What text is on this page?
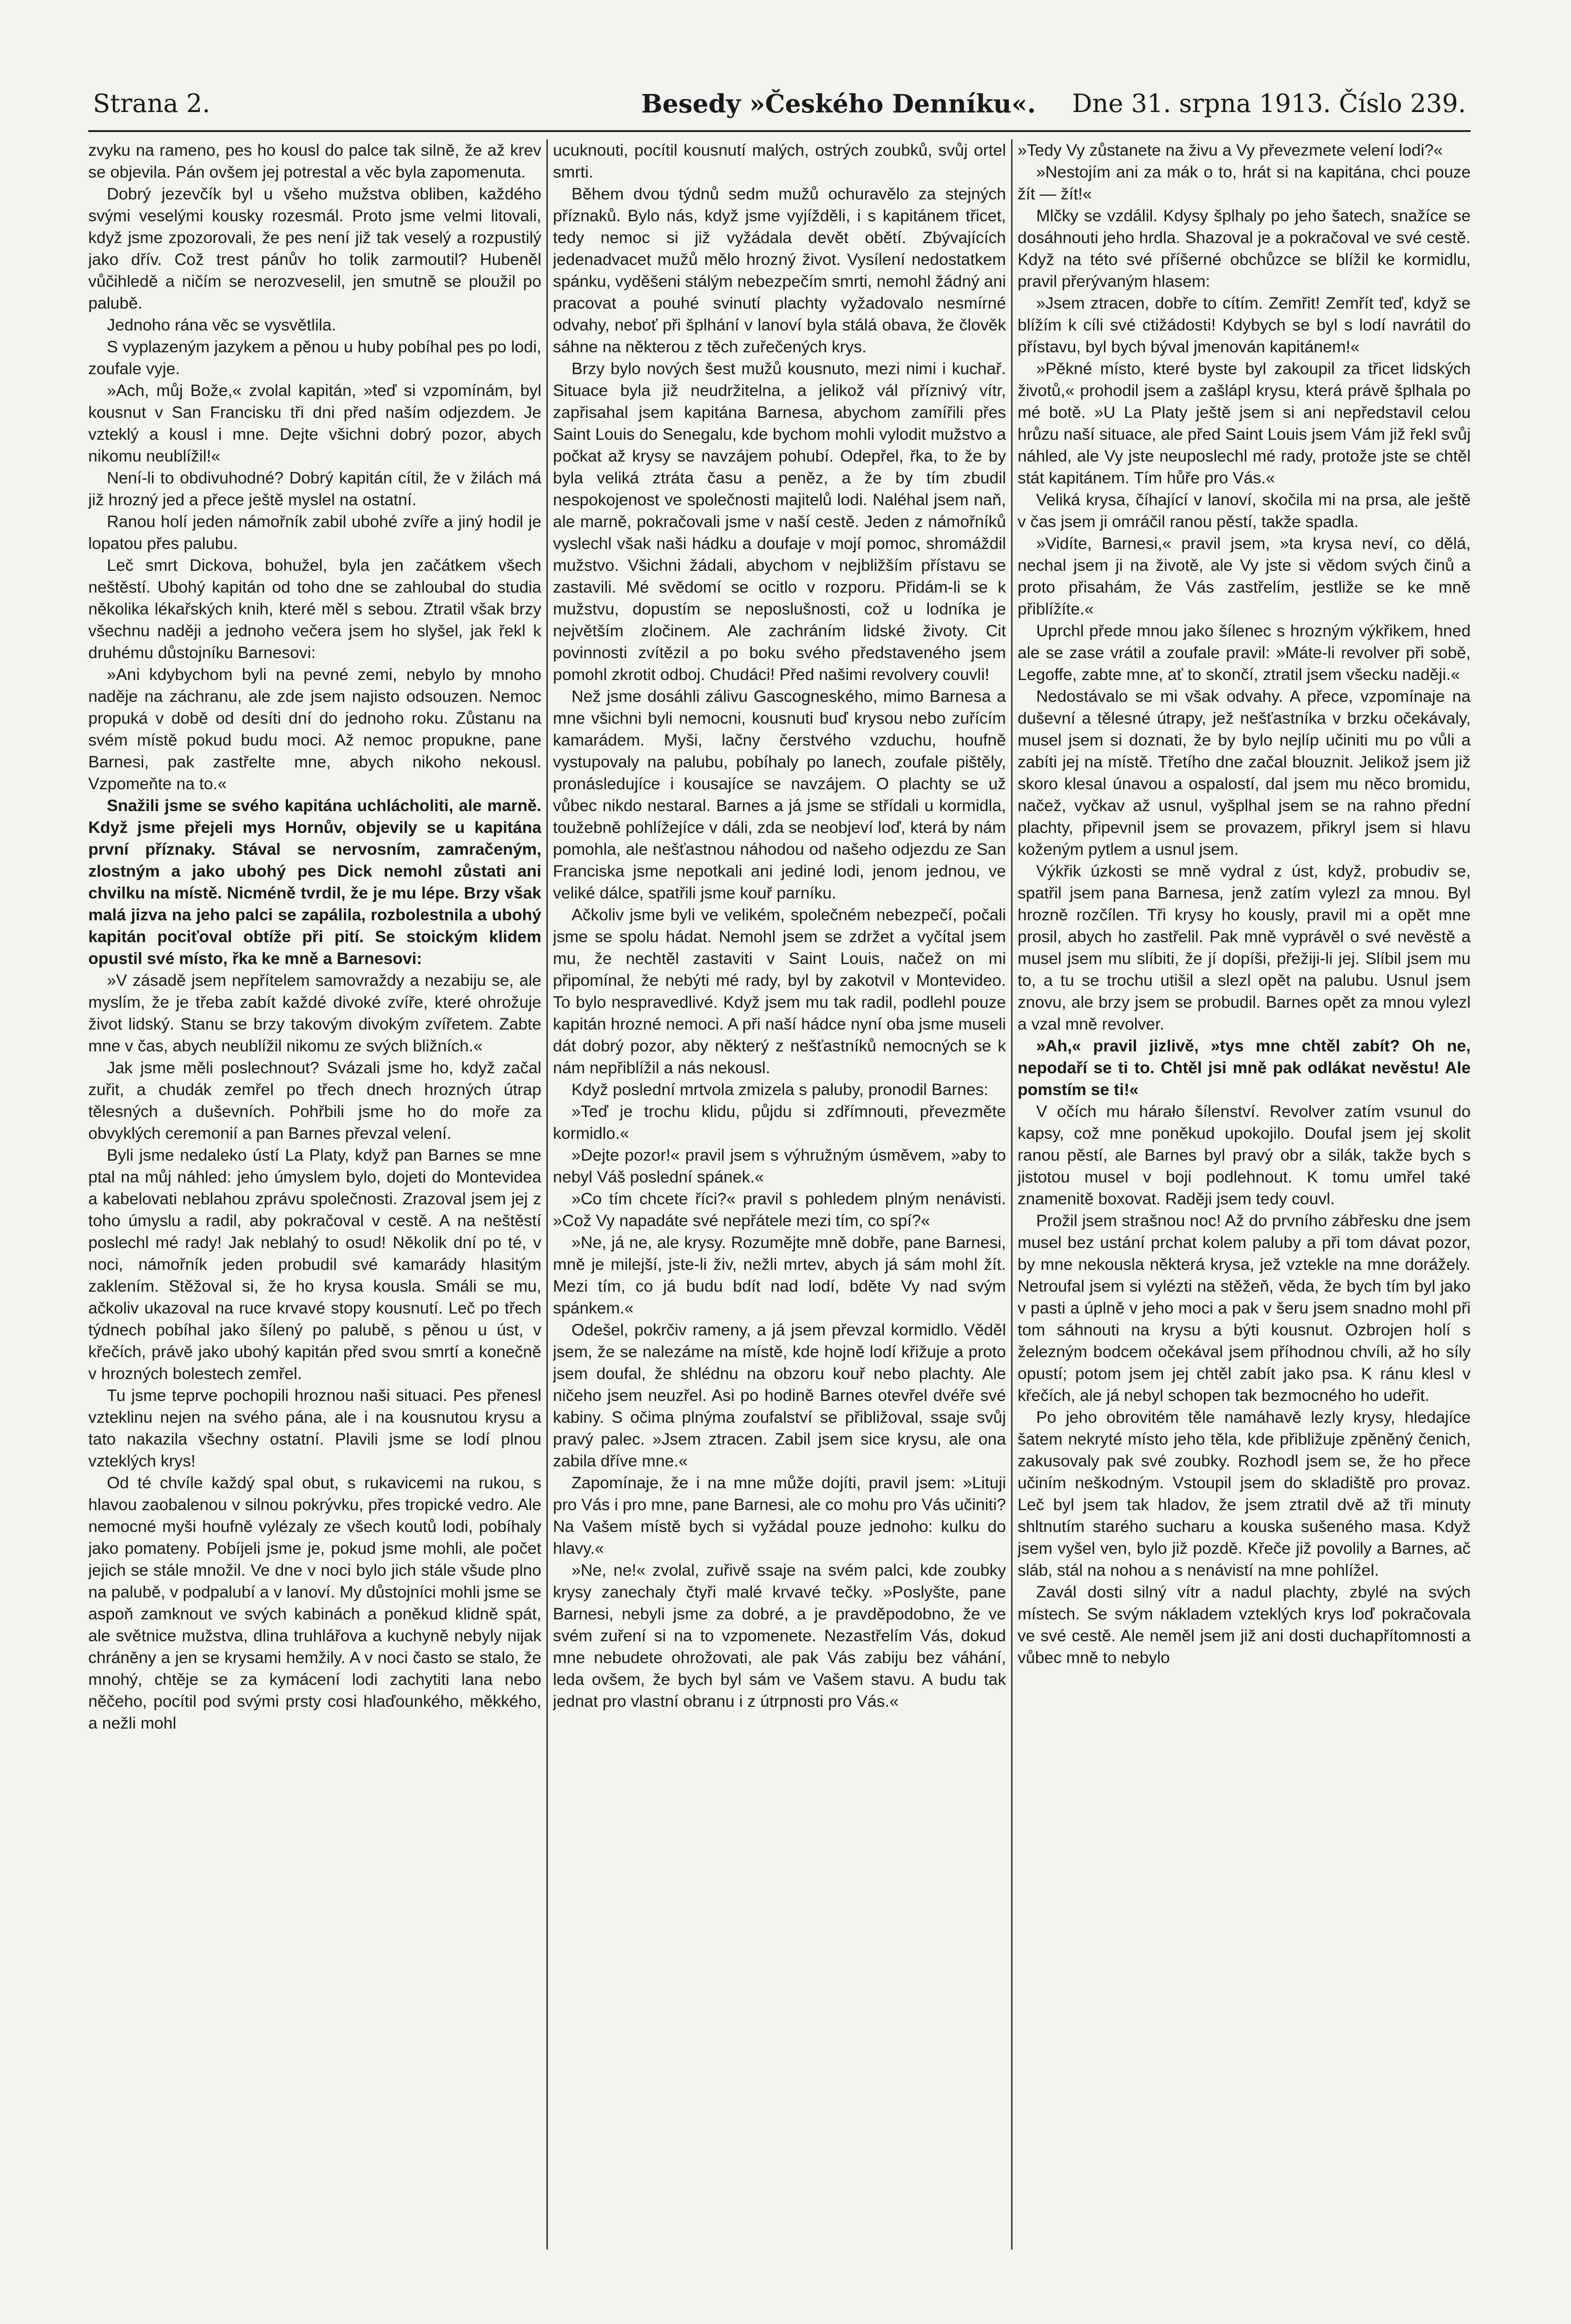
Strana 2.	Besedy »Českého Denníku«. Dne 31. srpna 1913. Číslo 239.

zvyku na rameno, pes ho kousl do palce tak silně, že až krev se objevila. Pán ovšem jej potrestal a věc byla zapomenuta.

Dobrý jezevčík byl u všeho mužstva obliben, každého svými veselými kousky rozesmál. Proto jsme velmi litovali, když jsme zpozorovali, že pes není již tak veselý a rozpustilý jako dřív. Což trest pánův ho tolik zarmoutil? Hubeněl vůčihledě a ničím se nerozveselil, jen smutně se ploužil po palubě.

Jednoho rána věc se vysvětlila.

S vyplazeným jazykem a pěnou u huby pobíhal pes po lodi, zoufale vyje.

»Ach, můj Bože,« zvolal kapitán, »teď si vzpomínám, byl kousnut v San Francisku tři dni před naším odjezdem. Je vzteklý a kousl i mne. Dejte všichni dobrý pozor, abych nikomu neublížil!«

Není-li to obdivuhodné? Dobrý kapitán cítil, že v žilách má již hrozný jed a přece ještě myslel na ostatní.

Ranou holí jeden námořník zabil ubohé zvíře a jiný hodil je lopatou přes palubu.

Leč smrt Dickova, bohužel, byla jen začátkem všech neštěstí. Ubohý kapitán od toho dne se zahloubal do studia několika lékařských knih, které měl s sebou. Ztratil však brzy všechnu naději a jednoho večera jsem ho slyšel, jak řekl k druhému důstojníku Barnesovi:

»Ani kdybychom byli na pevné zemi, nebylo by mnoho naděje na záchranu, ale zde jsem najisto odsouzen. Nemoc propuká v době od desíti dní do jednoho roku. Zůstanu na svém místě pokud budu moci. Až nemoc propukne, pane Barnesi, pak zastřelte mne, abych nikoho nekousl. Vzpomeňte na to.«

Snažili jsme se svého kapitána uchlácholiti, ale marně. Když jsme přejeli mys Hornův, objevily se u kapitána první příznaky. Stával se nervosním, zamračeným, zlostným a jako ubohý pes Dick nemohl zůstati ani chvilku na místě. Nicméně tvrdil, že je mu lépe. Brzy však malá jizva na jeho palci se zapálila, rozbolestnila a ubohý kapitán pociťoval obtíže při pití. Se stoickým klidem opustil své místo, řka ke mně a Barnesovi:

»V zásadě jsem nepřítelem samovraždy a nezabiju se, ale myslím, že je třeba zabít každé divoké zvíře, které ohrožuje život lidský. Stanu se brzy takovým divokým zvířetem. Zabte mne v čas, abych neublížil nikomu ze svých bližních.«

Jak jsme měli poslechnout? Svázali jsme ho, když začal zuřit, a chudák zemřel po třech dnech hrozných útrap tělesných a duševních. Pohřbili jsme ho do moře za obvyklých ceremonií a pan Barnes převzal velení.

Byli jsme nedaleko ústí La Platy, když pan Barnes se mne ptal na můj náhled: jeho úmyslem bylo, dojeti do Montevidea a kabelovati neblahou zprávu společnosti. Zrazoval jsem jej z toho úmyslu a radil, aby pokračoval v cestě. A na neštěstí poslechl mé rady! Jak neblahý to osud! Několik dní po té, v noci, námořník jeden probudil své kamarády hlasitým zaklením. Stěžoval si, že ho krysa kousla. Smáli se mu, ačkoliv ukazoval na ruce krvavé stopy kousnutí. Leč po třech týdnech pobíhal jako šílený po palubě, s pěnou u úst, v křečích, právě jako ubohý kapitán před svou smrtí a konečně v hrozných bolestech zemřel.

Tu jsme teprve pochopili hroznou naši situaci. Pes přenesl vzteklinu nejen na svého pána, ale i na kousnutou krysu a tato nakazila všechny ostatní. Plavili jsme se lodí plnou vzteklých krys!

Od té chvíle každý spal obut, s rukavicemi na rukou, s hlavou zaobalenou v silnou pokrývku, přes tropické vedro. Ale nemocné myši houfně vylézaly ze všech koutů lodi, pobíhaly jako pomateny. Pobíjeli jsme je, pokud jsme mohli, ale počet jejich se stále množil. Ve dne v noci bylo jich stále všude plno na palubě, v podpalubí a v lanoví. My důstojníci mohli jsme se aspoň zamknout ve svých kabinách a poněkud klidně spát, ale světnice mužstva, dlina truhlářova a kuchyně nebyly nijak chráněny a jen se krysami hemžily. A v noci často se stalo, že mnohý, chtěje se za kymácení lodi zachytiti lana nebo něčeho, pocítil pod svými prsty cosi hlaďounkého, měkkého, a nežli mohl

ucuknouti, pocítil kousnutí malých, ostrých zoubků, svůj ortel smrti.

Během dvou týdnů sedm mužů ochuravělo za stejných příznaků. Bylo nás, když jsme vyjížděli, i s kapitánem třicet, tedy nemoc si již vyžádala devět obětí. Zbývajících jedenadvacet mužů mělo hrozný život. Vysílení nedostatkem spánku, vyděšeni stálým nebezpečím smrti, nemohl žádný ani pracovat a pouhé svinutí plachty vyžadovalo nesmírné odvahy, neboť při šplhání v lanoví byla stálá obava, že člověk sáhne na některou z těch zuřečených krys.

Brzy bylo nových šest mužů kousnuto, mezi nimi i kuchař. Situace byla již neudržitelna, a jelikož vál příznivý vítr, zapřisahal jsem kapitána Barnesa, abychom zamířili přes Saint Louis do Senegalu, kde bychom mohli vylodit mužstvo a počkat až krysy se navzájem pohubí. Odepřel, řka, to že by byla veliká ztráta času a peněz, a že by tím zbudil nespokojenost ve společnosti majitelů lodi. Naléhal jsem naň, ale marně, pokračovali jsme v naší cestě. Jeden z námořníků vyslechl však naši hádku a doufaje v mojí pomoc, shromáždil mužstvo. Všichni žádali, abychom v nejbližším přístavu se zastavili. Mé svědomí se ocitlo v rozporu. Přidám-li se k mužstvu, dopustím se neposlušnosti, což u lodníka je největším zločinem. Ale zachráním lidské životy. Cit povinnosti zvítězil a po boku svého představeného jsem pomohl zkrotit odboj. Chudáci! Před našimi revolvery couvli!

Než jsme dosáhli zálivu Gascogneského, mimo Barnesa a mne všichni byli nemocni, kousnuti buď krysou nebo zuřícím kamarádem. Myši, lačny čerstvého vzduchu, houfně vystupovaly na palubu, pobíhaly po lanech, zoufale pištěly, pronásledujíce i kousajíce se navzájem. O plachty se už vůbec nikdo nestaral. Barnes a já jsme se střídali u kormidla, toužebně pohlížejíce v dáli, zda se neobjeví loď, která by nám pomohla, ale nešťastnou náhodou od našeho odjezdu ze San Franciska jsme nepotkali ani jediné lodi, jenom jednou, ve veliké dálce, spatřili jsme kouř parníku.

Ačkoliv jsme byli ve velikém, společném nebezpečí, počali jsme se spolu hádat. Nemohl jsem se zdržet a vyčítal jsem mu, že nechtěl zastaviti v Saint Louis, načež on mi připomínal, že nebýti mé rady, byl by zakotvil v Montevideo. To bylo nespravedlivé. Když jsem mu tak radil, podlehl pouze kapitán hrozné nemoci. A při naší hádce nyní oba jsme museli dát dobrý pozor, aby některý z nešťastníků nemocných se k nám nepřiblížil a nás nekousl.

Když poslední mrtvola zmizela s paluby, pronodil Barnes:

»Teď je trochu klidu, půjdu si zdřímnouti, převezměte kormidlo.«

»Dejte pozor!« pravil jsem s výhružným úsměvem, »aby to nebyl Váš poslední spánek.«

»Co tím chcete říci?« pravil s pohledem plným nenávisti. »Což Vy napadáte své nepřátele mezi tím, co spí?«

»Ne, já ne, ale krysy. Rozumějte mně dobře, pane Barnesi, mně je milejší, jste-li živ, nežli mrtev, abych já sám mohl žít. Mezi tím, co já budu bdít nad lodí, bděte Vy nad svým spánkem.«

Odešel, pokrčiv rameny, a já jsem převzal kormidlo. Věděl jsem, že se nalezáme na místě, kde hojně lodí křižuje a proto jsem doufal, že shlédnu na obzoru kouř nebo plachty. Ale ničeho jsem neuzřel. Asi po hodině Barnes otevřel dvéře své kabiny. S očima plnýma zoufalství se přibližoval, ssaje svůj pravý palec. »Jsem ztracen. Zabil jsem sice krysu, ale ona zabila dříve mne.«

Zapomínaje, že i na mne může dojíti, pravil jsem: »Lituji pro Vás i pro mne, pane Barnesi, ale co mohu pro Vás učiniti? Na Vašem místě bych si vyžádal pouze jednoho: kulku do hlavy.«

»Ne, ne!« zvolal, zuřivě ssaje na svém palci, kde zoubky krysy zanechaly čtyři malé krvavé tečky. »Poslyšte, pane Barnesi, nebyli jsme za dobré, a je pravděpodobno, že ve svém zuření si na to vzpomenete. Nezastřelím Vás, dokud mne nebudete ohrožovati, ale pak Vás zabiju bez váhání, leda ovšem, že bych byl sám ve Vašem stavu. A budu tak jednat pro vlastní obranu i z útrpnosti pro Vás.«

»Tedy Vy zůstanete na živu a Vy převezmete velení lodi?«

»Nestojím ani za mák o to, hrát si na kapitána, chci pouze žít — žít!«

Mlčky se vzdálil. Kdysy šplhaly po jeho šatech, snažíce se dosáhnouti jeho hrdla. Shazoval je a pokračoval ve své cestě. Když na této své příšerné obchůzce se blížil ke kormidlu, pravil přerývaným hlasem:

»Jsem ztracen, dobře to cítím. Zemřit! Zemřít teď, když se blížím k cíli své ctižádosti! Kdybych se byl s lodí navrátil do přístavu, byl bych býval jmenován kapitánem!«

»Pěkné místo, které byste byl zakoupil za třicet lidských životů,« prohodil jsem a zašlápl krysu, která právě šplhala po mé botě. »U La Platy ještě jsem si ani nepředstavil celou hrůzu naší situace, ale před Saint Louis jsem Vám již řekl svůj náhled, ale Vy jste neuposlechl mé rady, protože jste se chtěl stát kapitánem. Tím hůře pro Vás.«

Veliká krysa, číhající v lanoví, skočila mi na prsa, ale ještě v čas jsem ji omráčil ranou pěstí, takže spadla.

»Vidíte, Barnesi,« pravil jsem, »ta krysa neví, co dělá, nechal jsem ji na životě, ale Vy jste si vědom svých činů a proto přisahám, že Vás zastřelím, jestliže se ke mně přiblížíte.«

Uprchl přede mnou jako šílenec s hrozným výkřikem, hned ale se zase vrátil a zoufale pravil: »Máte-li revolver při sobě, Legoffe, zabte mne, ať to skončí, ztratil jsem všecku naději.«

Nedostávalo se mi však odvahy. A přece, vzpomínaje na duševní a tělesné útrapy, jež nešťastníka v brzku očekávaly, musel jsem si doznati, že by bylo nejlíp učiniti mu po vůli a zabíti jej na místě. Třetího dne začal blouznit. Jelikož jsem již skoro klesal únavou a ospalostí, dal jsem mu něco bromidu, načež, vyčkav až usnul, vyšplhal jsem se na rahno přední plachty, připevnil jsem se provazem, přikryl jsem si hlavu koženým pytlem a usnul jsem.

Výkřik úzkosti se mně vydral z úst, když, probudiv se, spatřil jsem pana Barnesa, jenž zatím vylezl za mnou. Byl hrozně rozčílen. Tři krysy ho kously, pravil mi a opět mne prosil, abych ho zastřelil. Pak mně vyprávěl o své nevěstě a musel jsem mu slíbiti, že jí dopíši, přežiji-li jej. Slíbil jsem mu to, a tu se trochu utišil a slezl opět na palubu. Usnul jsem znovu, ale brzy jsem se probudil. Barnes opět za mnou vylezl a vzal mně revolver.

»Ah,« pravil jizlivě, »tys mne chtěl zabít? Oh ne, nepodaří se ti to. Chtěl jsi mně pak odlákat nevěstu! Ale pomstím se ti!«

V očích mu hárało šílenství. Revolver zatím vsunul do kapsy, což mne poněkud upokojilo. Doufal jsem jej skolit ranou pěstí, ale Barnes byl pravý obr a silák, takže bych s jistotou musel v boji podlehnout. K tomu umřel také znamenitě boxovat. Raději jsem tedy couvl.

Prožil jsem strašnou noc! Až do prvního zábřesku dne jsem musel bez ustání prchat kolem paluby a při tom dávat pozor, by mne nekousla některá krysa, jež vztekle na mne dorážely. Netroufal jsem si vylézti na stěžeň, věda, že bych tím byl jako v pasti a úplně v jeho moci a pak v šeru jsem snadno mohl při tom sáhnouti na krysu a býti kousnut. Ozbrojen holí s železným bodcem očekával jsem příhodnou chvíli, až ho síly opustí; potom jsem jej chtěl zabít jako psa. K ránu klesl v křečích, ale já nebyl schopen tak bezmocného ho udeřit.

Po jeho obrovitém těle namáhavě lezly krysy, hledajíce šatem nekryté místo jeho těla, kde přibližuje zpěněný čenich, zakusovaly pak své zoubky. Rozhodl jsem se, že ho přece učiním neškodným. Vstoupil jsem do skladiště pro provaz. Leč byl jsem tak hladov, že jsem ztratil dvě až tři minuty shltnutím starého sucharu a kouska sušeného masa. Když jsem vyšel ven, bylo již pozdě. Křeče již povolily a Barnes, ač sláb, stál na nohou a s nenávistí na mne pohlížel.

Zavál dosti silný vítr a nadul plachty, zbylé na svých místech. Se svým nákladem vzteklých krys loď pokračovala ve své cestě. Ale neměl jsem již ani dosti duchapřítomnosti a vůbec mně to nebylo
